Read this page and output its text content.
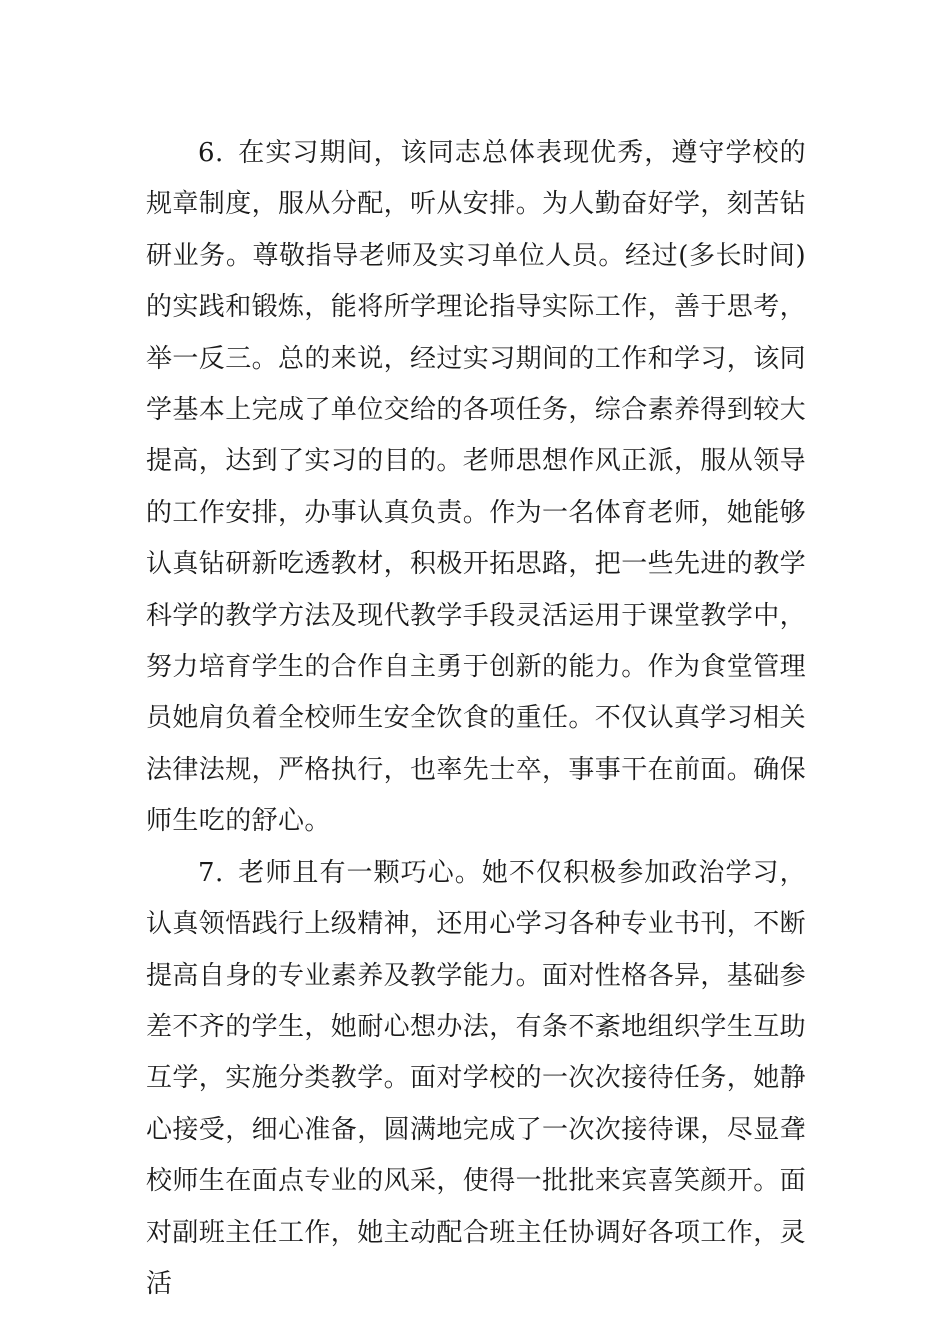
6. 在实习期间，该同志总体表现优秀，遵守学校的规章制度，服从分配，听从安排。为人勤奋好学，刻苦钻研业务。尊敬指导老师及实习单位人员。经过(多长时间)的实践和锻炼，能将所学理论指导实际工作，善于思考，举一反三。总的来说，经过实习期间的工作和学习，该同学基本上完成了单位交给的各项任务，综合素养得到较大提高，达到了实习的目的。老师思想作风正派，服从领导的工作安排，办事认真负责。作为一名体育老师，她能够认真钻研新吃透教材，积极开拓思路，把一些先进的教学科学的教学方法及现代教学手段灵活运用于课堂教学中，努力培育学生的合作自主勇于创新的能力。作为食堂管理员她肩负着全校师生安全饮食的重任。不仅认真学习相关法律法规，严格执行，也率先士卒，事事干在前面。确保师生吃的舒心。

7. 老师且有一颗巧心。她不仅积极参加政治学习，认真领悟践行上级精神，还用心学习各种专业书刊，不断提高自身的专业素养及教学能力。面对性格各异，基础参差不齐的学生，她耐心想办法，有条不紊地组织学生互助互学，实施分类教学。面对学校的一次次接待任务，她静心接受，细心准备，圆满地完成了一次次接待课，尽显聋校师生在面点专业的风采，使得一批批来宾喜笑颜开。面对副班主任工作，她主动配合班主任协调好各项工作，灵活
